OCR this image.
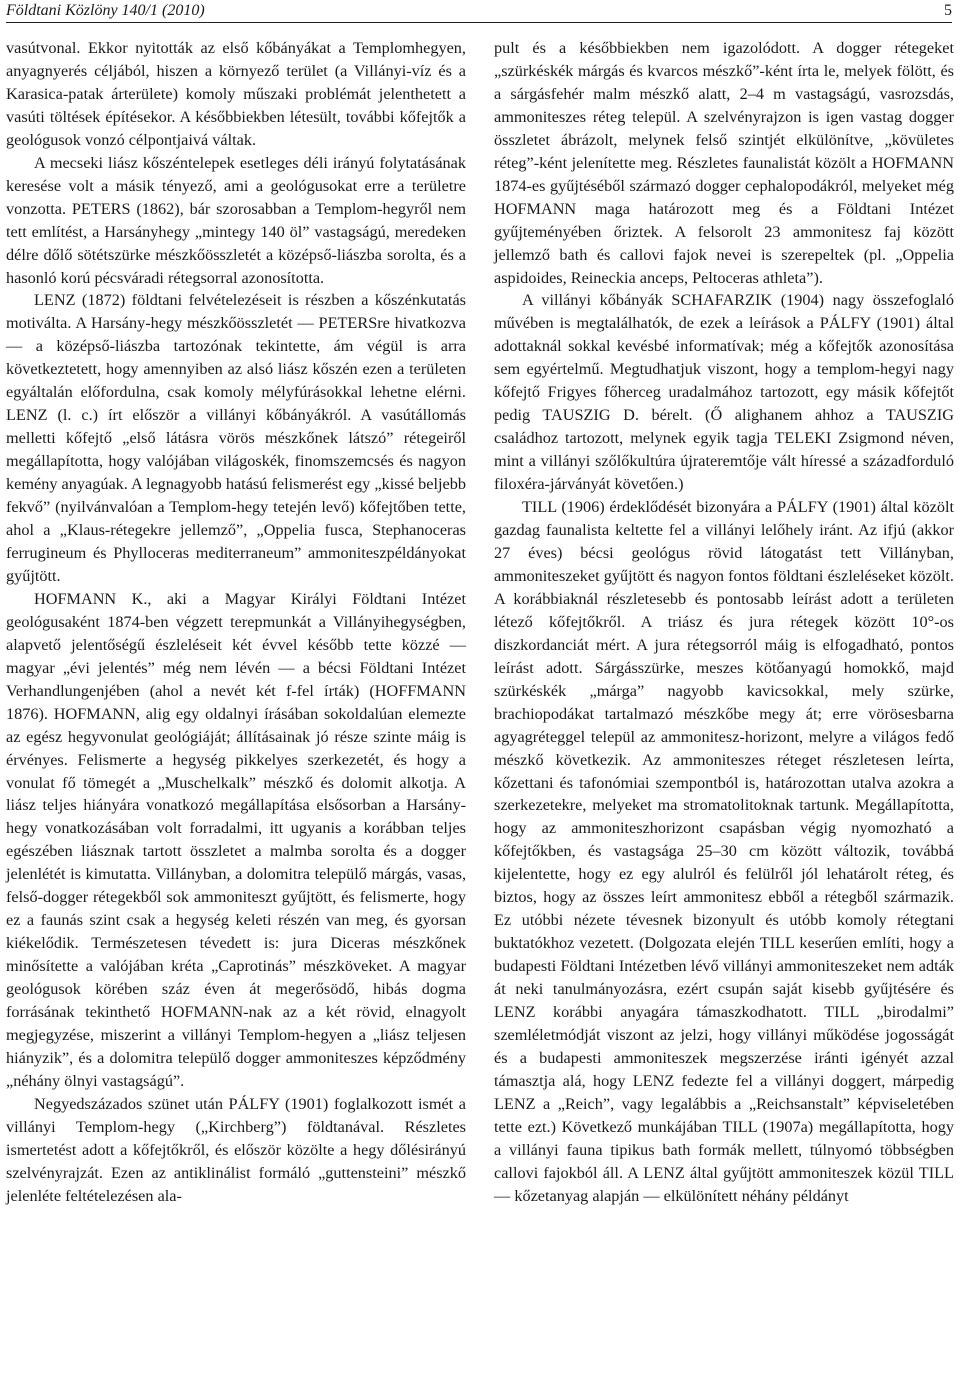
Földtani Közlöny 140/1 (2010)	5

vasútvonal. Ekkor nyitották az első kőbányákat a Templomhegyen, anyagnyerés céljából, hiszen a környező terület (a Villányi-víz és a Karasica-patak árterülete) komoly műszaki problémát jelenthetett a vasúti töltések építésekor. A későbbiekben létesült, további kőfejtők a geológusok vonzó célpontjaivá váltak.

A mecseki liász kőszéntelepek esetleges déli irányú folytatásának keresése volt a másik tényező, ami a geológusokat erre a területre vonzotta. PETERS (1862), bár szorosabban a Templom-hegyről nem tett említést, a Harsányhegy „mintegy 140 öl” vastagságú, meredeken délre dőlő sötétszürke mészkőösszletét a középső-liászba sorolta, és a hasonló korú pécsváradi rétegsorral azonosította.

LENZ (1872) földtani felvételezéseit is részben a kőszénkutatás motiválta. A Harsány-hegy mészkőösszletét — PETERSre hivatkozva — a középső-liászba tartozónak tekintette, ám végül is arra következtetett, hogy amennyiben az alsó liász kőszén ezen a területen egyáltalán előfordulna, csak komoly mélyfúrásokkal lehetne elérni. LENZ (l. c.) írt először a villányi kőbányákról. A vasútállomás melletti kőfejtő „első látásra vörös mészkőnek látszó” rétegeiről megállapította, hogy valójában világoskék, finomszemcsés és nagyon kemény anyagúak. A legnagyobb hatású felismerést egy „kissé beljebb fekvő” (nyilvánvalóan a Templom-hegy tetején levő) kőfejtőben tette, ahol a „Klaus-rétegekre jellemző”, „Oppelia fusca, Stephanoceras ferrugineum és Phylloceras mediterraneum” ammoniteszpéldányokat gyűjtött.

HOFMANN K., aki a Magyar Királyi Földtani Intézet geológusaként 1874-ben végzett terepmunkát a Villányihegységben, alapvető jelentőségű észleléseit két évvel később tette közzé — magyar „évi jelentés” még nem lévén — a bécsi Földtani Intézet Verhandlungenjében (ahol a nevét két f-fel írták) (HOFFMANN 1876). HOFMANN, alig egy oldalnyi írásában sokoldalúan elemezte az egész hegyvonulat geológiáját; állításainak jó része szinte máig is érvényes. Felismerte a hegység pikkelyes szerkezetét, és hogy a vonulat fő tömegét a „Muschelkalk” mészkő és dolomit alkotja. A liász teljes hiányára vonatkozó megállapítása elsősorban a Harsány-hegy vonatkozásában volt forradalmi, itt ugyanis a korábban teljes egészében liásznak tartott összletet a malmba sorolta és a dogger jelenlétét is kimutatta. Villányban, a dolomitra települő márgás, vasas, felső-dogger rétegekből sok ammoniteszt gyűjtött, és felismerte, hogy ez a faunás szint csak a hegység keleti részén van meg, és gyorsan kiékelődik. Természetesen tévedett is: jura Diceras mészkőnek minősítette a valójában kréta „Caprotinás” mészköveket. A magyar geológusok körében száz éven át megerősödő, hibás dogma forrásának tekinthető HOFMANN-nak az a két rövid, elnagyolt megjegyzése, miszerint a villányi Templom-hegyen a „liász teljesen hiányzik”, és a dolomitra települő dogger ammoniteszes képződmény „néhány ölnyi vastagságú”.

Negyedszázados szünet után PÁLFY (1901) foglalkozott ismét a villányi Templom-hegy („Kirchberg”) földtanával. Részletes ismertetést adott a kőfejtőkről, és először közölte a hegy dőlésirányú szelvényrajzát. Ezen az antiklinálist formáló „guttensteini” mészkő jelenléte feltételezésen ala-

pult és a későbbiekben nem igazolódott. A dogger rétegeket „szürkéskék márgás és kvarcos mészkő”-ként írta le, melyek fölött, és a sárgásfehér malm mészkő alatt, 2–4 m vastagságú, vasrozsdás, ammoniteszes réteg települ. A szelvényrajzon is igen vastag dogger összletet ábrázolt, melynek felső szintjét elkülönítve, „kövületes réteg”-ként jelenítette meg. Részletes faunalistát közölt a HOFMANN 1874-es gyűjtéséből származó dogger cephalopodákról, melyeket még HOFMANN maga határozott meg és a Földtani Intézet gyűjteményében őriztek. A felsorolt 23 ammonitesz faj között jellemző bath és callovi fajok nevei is szerepeltek (pl. „Oppelia aspidoides, Reineckia anceps, Peltoceras athleta”).

A villányi kőbányák SCHAFARZIK (1904) nagy összefoglaló művében is megtalálhatók, de ezek a leírások a PÁLFY (1901) által adottaknál sokkal kevésbé informatívak; még a kőfejtők azonosítása sem egyértelmű. Megtudhatjuk viszont, hogy a templom-hegyi nagy kőfejtő Frigyes főherceg uradalmához tartozott, egy másik kőfejtőt pedig TAUSZIG D. bérelt. (Ő alighanem ahhoz a TAUSZIG családhoz tartozott, melynek egyik tagja TELEKI Zsigmond néven, mint a villányi szőlőkultúra újrateremtője vált híressé a századforduló filoxéra-járványát követően.)

TILL (1906) érdeklődését bizonyára a PÁLFY (1901) által közölt gazdag faunalista keltette fel a villányi lelőhely iránt. Az ifjú (akkor 27 éves) bécsi geológus rövid látogatást tett Villányban, ammoniteszeket gyűjtött és nagyon fontos földtani észleléseket közölt. A korábbiaknál részletesebb és pontosabb leírást adott a területen létező kőfejtőkről. A triász és jura rétegek között 10°-os diszkordanciát mért. A jura rétegsorról máig is elfogadható, pontos leírást adott. Sárgásszürke, meszes kötőanyagú homokkő, majd szürkéskék „márga” nagyobb kavicsokkal, mely szürke, brachiopodákat tartalmazó mészkőbe megy át; erre vörösesbarna agyagréteggel települ az ammonitesz-horizont, melyre a világos fedő mészkő következik. Az ammoniteszes réteget részletesen leírta, kőzettani és tafonómiai szempontból is, határozottan utalva azokra a szerkezetekre, melyeket ma stromatolitoknak tartunk. Megállapította, hogy az ammoniteszhorizont csapásban végig nyomozható a kőfejtőkben, és vastagsága 25–30 cm között változik, továbbá kijelentette, hogy ez egy alulról és felülről jól lehatárolt réteg, és biztos, hogy az összes leírt ammonitesz ebből a rétegből származik. Ez utóbbi nézete tévesnek bizonyult és utóbb komoly rétegtani buktatókhoz vezetett. (Dolgozata elején TILL keserűen említi, hogy a budapesti Földtani Intézetben lévő villányi ammoniteszeket nem adták át neki tanulmányozásra, ezért csupán saját kisebb gyűjtésére és LENZ korábbi anyagára támaszkodhatott. TILL „birodalmi” szemléletmódját viszont az jelzi, hogy villányi működése jogosságát és a budapesti ammoniteszek megszerzése iránti igényét azzal támasztja alá, hogy LENZ fedezte fel a villányi doggert, márpedig LENZ a „Reich”, vagy legalábbis a „Reichsanstalt” képviseletében tette ezt.) Következő munkájában TILL (1907a) megállapította, hogy a villányi fauna tipikus bath formák mellett, túlnyomó többségben callovi fajokból áll. A LENZ által gyűjtött ammoniteszek közül TILL — kőzetanyag alapján — elkülönített néhány példányt
